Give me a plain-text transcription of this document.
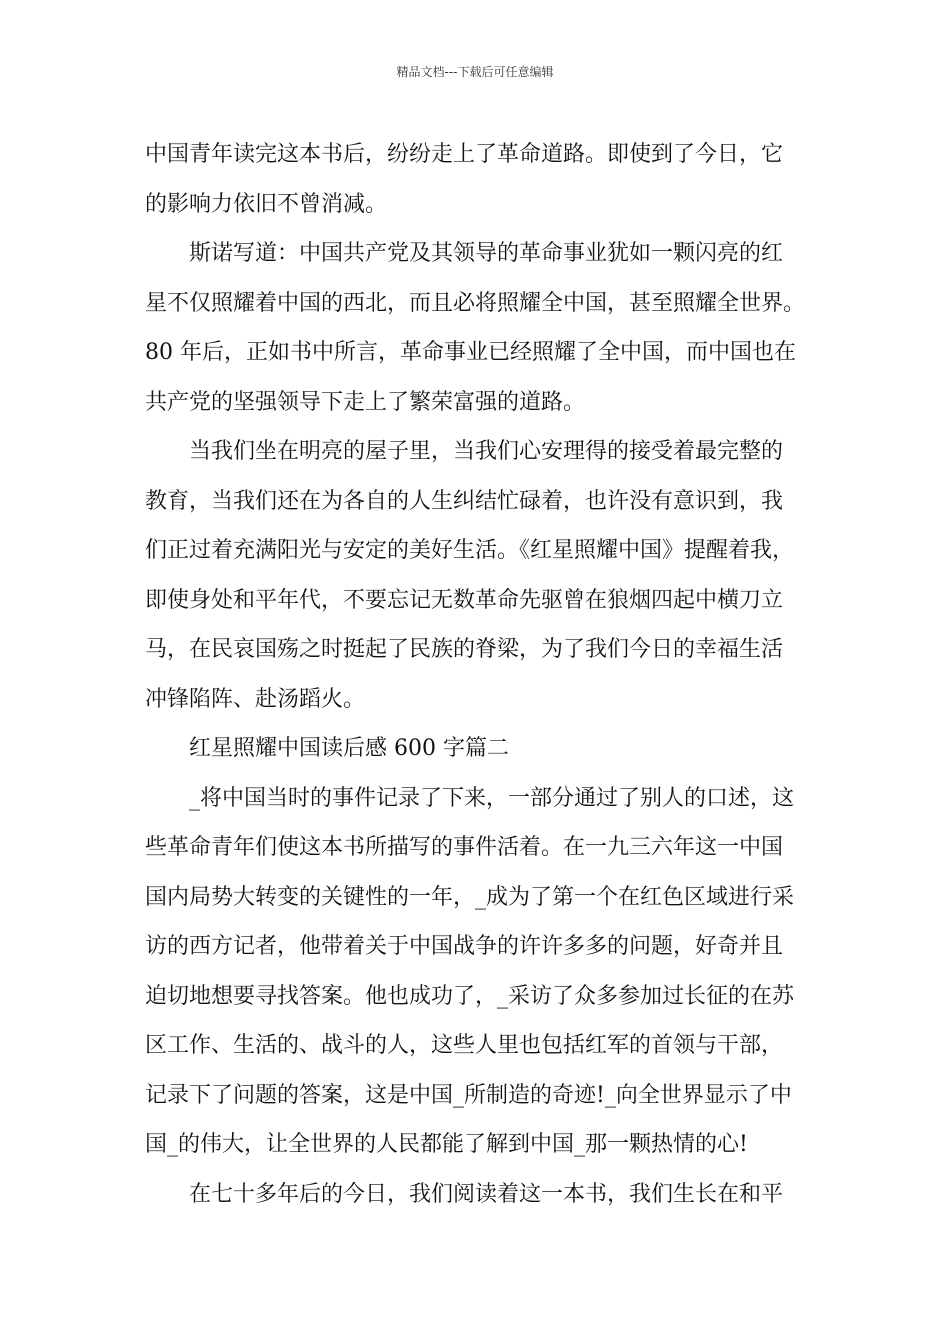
精品文档---下载后可任意编辑
中国青年读完这本书后，纷纷走上了革命道路。即使到了今日，它
的影响力依旧不曾消减。
斯诺写道：中国共产党及其领导的革命事业犹如一颗闪亮的红
星不仅照耀着中国的西北，而且必将照耀全中国，甚至照耀全世界。
80 年后，正如书中所言，革命事业已经照耀了全中国，而中国也在
共产党的坚强领导下走上了繁荣富强的道路。
当我们坐在明亮的屋子里，当我们心安理得的接受着最完整的
教育，当我们还在为各自的人生纠结忙碌着，也许没有意识到，我
们正过着充满阳光与安定的美好生活。《红星照耀中国》提醒着我，
即使身处和平年代，不要忘记无数革命先驱曾在狼烟四起中横刀立
马，在民哀国殇之时挺起了民族的脊梁，为了我们今日的幸福生活
冲锋陷阵、赴汤蹈火。
红星照耀中国读后感 600 字篇二
_将中国当时的事件记录了下来，一部分通过了别人的口述，这
些革命青年们使这本书所描写的事件活着。在一九三六年这一中国
国内局势大转变的关键性的一年，_成为了第一个在红色区域进行采
访的西方记者，他带着关于中国战争的许许多多的问题，好奇并且
迫切地想要寻找答案。他也成功了，_采访了众多参加过长征的在苏
区工作、生活的、战斗的人，这些人里也包括红军的首领与干部，
记录下了问题的答案，这是中国_所制造的奇迹!_向全世界显示了中
国_的伟大，让全世界的人民都能了解到中国_那一颗热情的心!
在七十多年后的今日，我们阅读着这一本书，我们生长在和平
